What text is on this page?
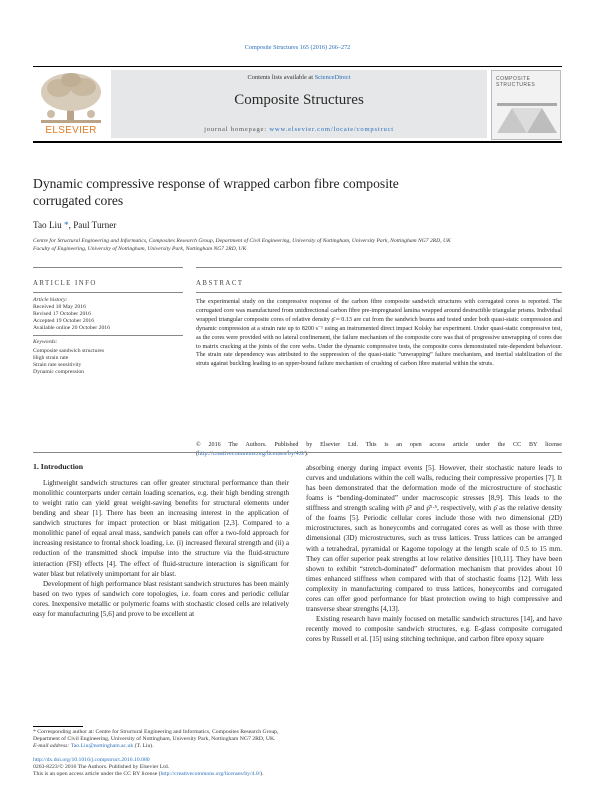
Composite Structures 165 (2016) 266–272
ELSEVIER
Contents lists available at ScienceDirect
Composite Structures
journal homepage: www.elsevier.com/locate/compstruct
COMPOSITE STRUCTURES
Dynamic compressive response of wrapped carbon fibre composite
corrugated cores
Tao Liu *, Paul Turner
Centre for Structural Engineering and Informatics, Composites Research Group, Department of Civil Engineering, University of Nottingham, University Park, Nottingham NG7 2RD, UK
Faculty of Engineering, University of Nottingham, University Park, Nottingham NG7 2RD, UK
ARTICLE INFO
Article history:
Received 18 May 2016
Revised 17 October 2016
Accepted 19 October 2016
Available online 20 October 2016
Keywords:
Composite sandwich structures
High strain rate
Strain rate sensitivity
Dynamic compression
ABSTRACT
The experimental study on the compressive response of the carbon fibre composite sandwich structures with corrugated cores is reported. The corrugated core was manufactured from unidirectional carbon fibre pre-impregnated lamina wrapped around destructible triangular prisms. Individual wrapped triangular composite cores of relative density ρ̄ ≈ 0.13 are cut from the sandwich beams and tested under both quasi-static compression and dynamic compression at a strain rate up to 8200 s⁻¹ using an instrumented direct impact Kolsky bar experiment. Under quasi-static compressive test, as the cores were provided with no lateral confinement, the failure mechanism of the composite core was that of progressive unwrapping of cores due to matrix cracking at the joints of the core webs. Under the dynamic compressive tests, the composite cores demonstrated rate-dependent behaviour. The strain rate dependency was attributed to the suppression of the quasi-static “unwrapping” failure mechanism, and inertial stabilization of the struts against buckling leading to an upper-bound failure mechanism of crushing of carbon fibre material within the struts.
© 2016 The Authors. Published by Elsevier Ltd. This is an open access article under the CC BY license (http://creativecommons.org/licenses/by/4.0/).
1. Introduction

Lightweight sandwich structures can offer greater structural performance than their monolithic counterparts under certain loading scenarios, e.g. their high bending strength to weight ratio can yield great weight-saving benefits for structural elements under bending and shear [1]. There has been an increasing interest in the application of sandwich structures for impact protection or blast mitigation [2,3]. Compared to a monolithic panel of equal areal mass, sandwich panels can offer a two-fold approach for increasing resistance to frontal shock loading, i.e. (i) increased flexural strength and (ii) a reduction of the transmitted shock impulse into the structure via the fluid-structure interaction (FSI) effects [4]. The effect of fluid-structure interaction is significant for water blast but relatively unimportant for air blast.

Development of high performance blast resistant sandwich structures has been mainly based on two types of sandwich core topologies, i.e. foam cores and periodic cellular cores. Inexpensive metallic or polymeric foams with stochastic closed cells are relatively easy for manufacturing [5,6] and prove to be excellent at

absorbing energy during impact events [5]. However, their stochastic nature leads to curves and undulations within the cell walls, reducing their compressive properties [7]. It has been demonstrated that the deformation mode of the microstructure of stochastic foams is “bending-dominated” under macroscopic stresses [8,9]. This leads to the stiffness and strength scaling with ρ̄² and ρ̄¹·⁵, respectively, with ρ̄ as the relative density of the foams [5]. Periodic cellular cores include those with two dimensional (2D) microstructures, such as honeycombs and corrugated cores as well as those with three dimensional (3D) microstructures, such as truss lattices. Truss lattices can be arranged with a tetrahedral, pyramidal or Kagome topology at the length scale of 0.5 to 15 mm. They can offer superior peak strengths at low relative densities [10,11]. They have been shown to exhibit “stretch-dominated” deformation mechanism that provides about 10 times enhanced stiffness when compared with that of stochastic foams [12]. With less complexity in manufacturing compared to truss lattices, honeycombs and corrugated cores can offer good performance for blast protection owing to high compressive and transverse shear strengths [4,13].

Existing research have mainly focused on metallic sandwich structures [14], and have recently moved to composite sandwich structures, e.g. E-glass composite corrugated cores by Russell et al. [15] using stitching technique, and carbon fibre epoxy square

* Corresponding author at: Centre for Structural Engineering and Informatics, Composites Research Group, Department of Civil Engineering, University of Nottingham, University Park, Nottingham NG7 2RD, UK.
E-mail address: Tao.Liu@nottingham.ac.uk (T. Liu).
http://dx.doi.org/10.1016/j.compstruct.2016.10.080
0263-8223/© 2016 The Authors. Published by Elsevier Ltd.
This is an open access article under the CC BY license (http://creativecommons.org/licenses/by/4.0/).
